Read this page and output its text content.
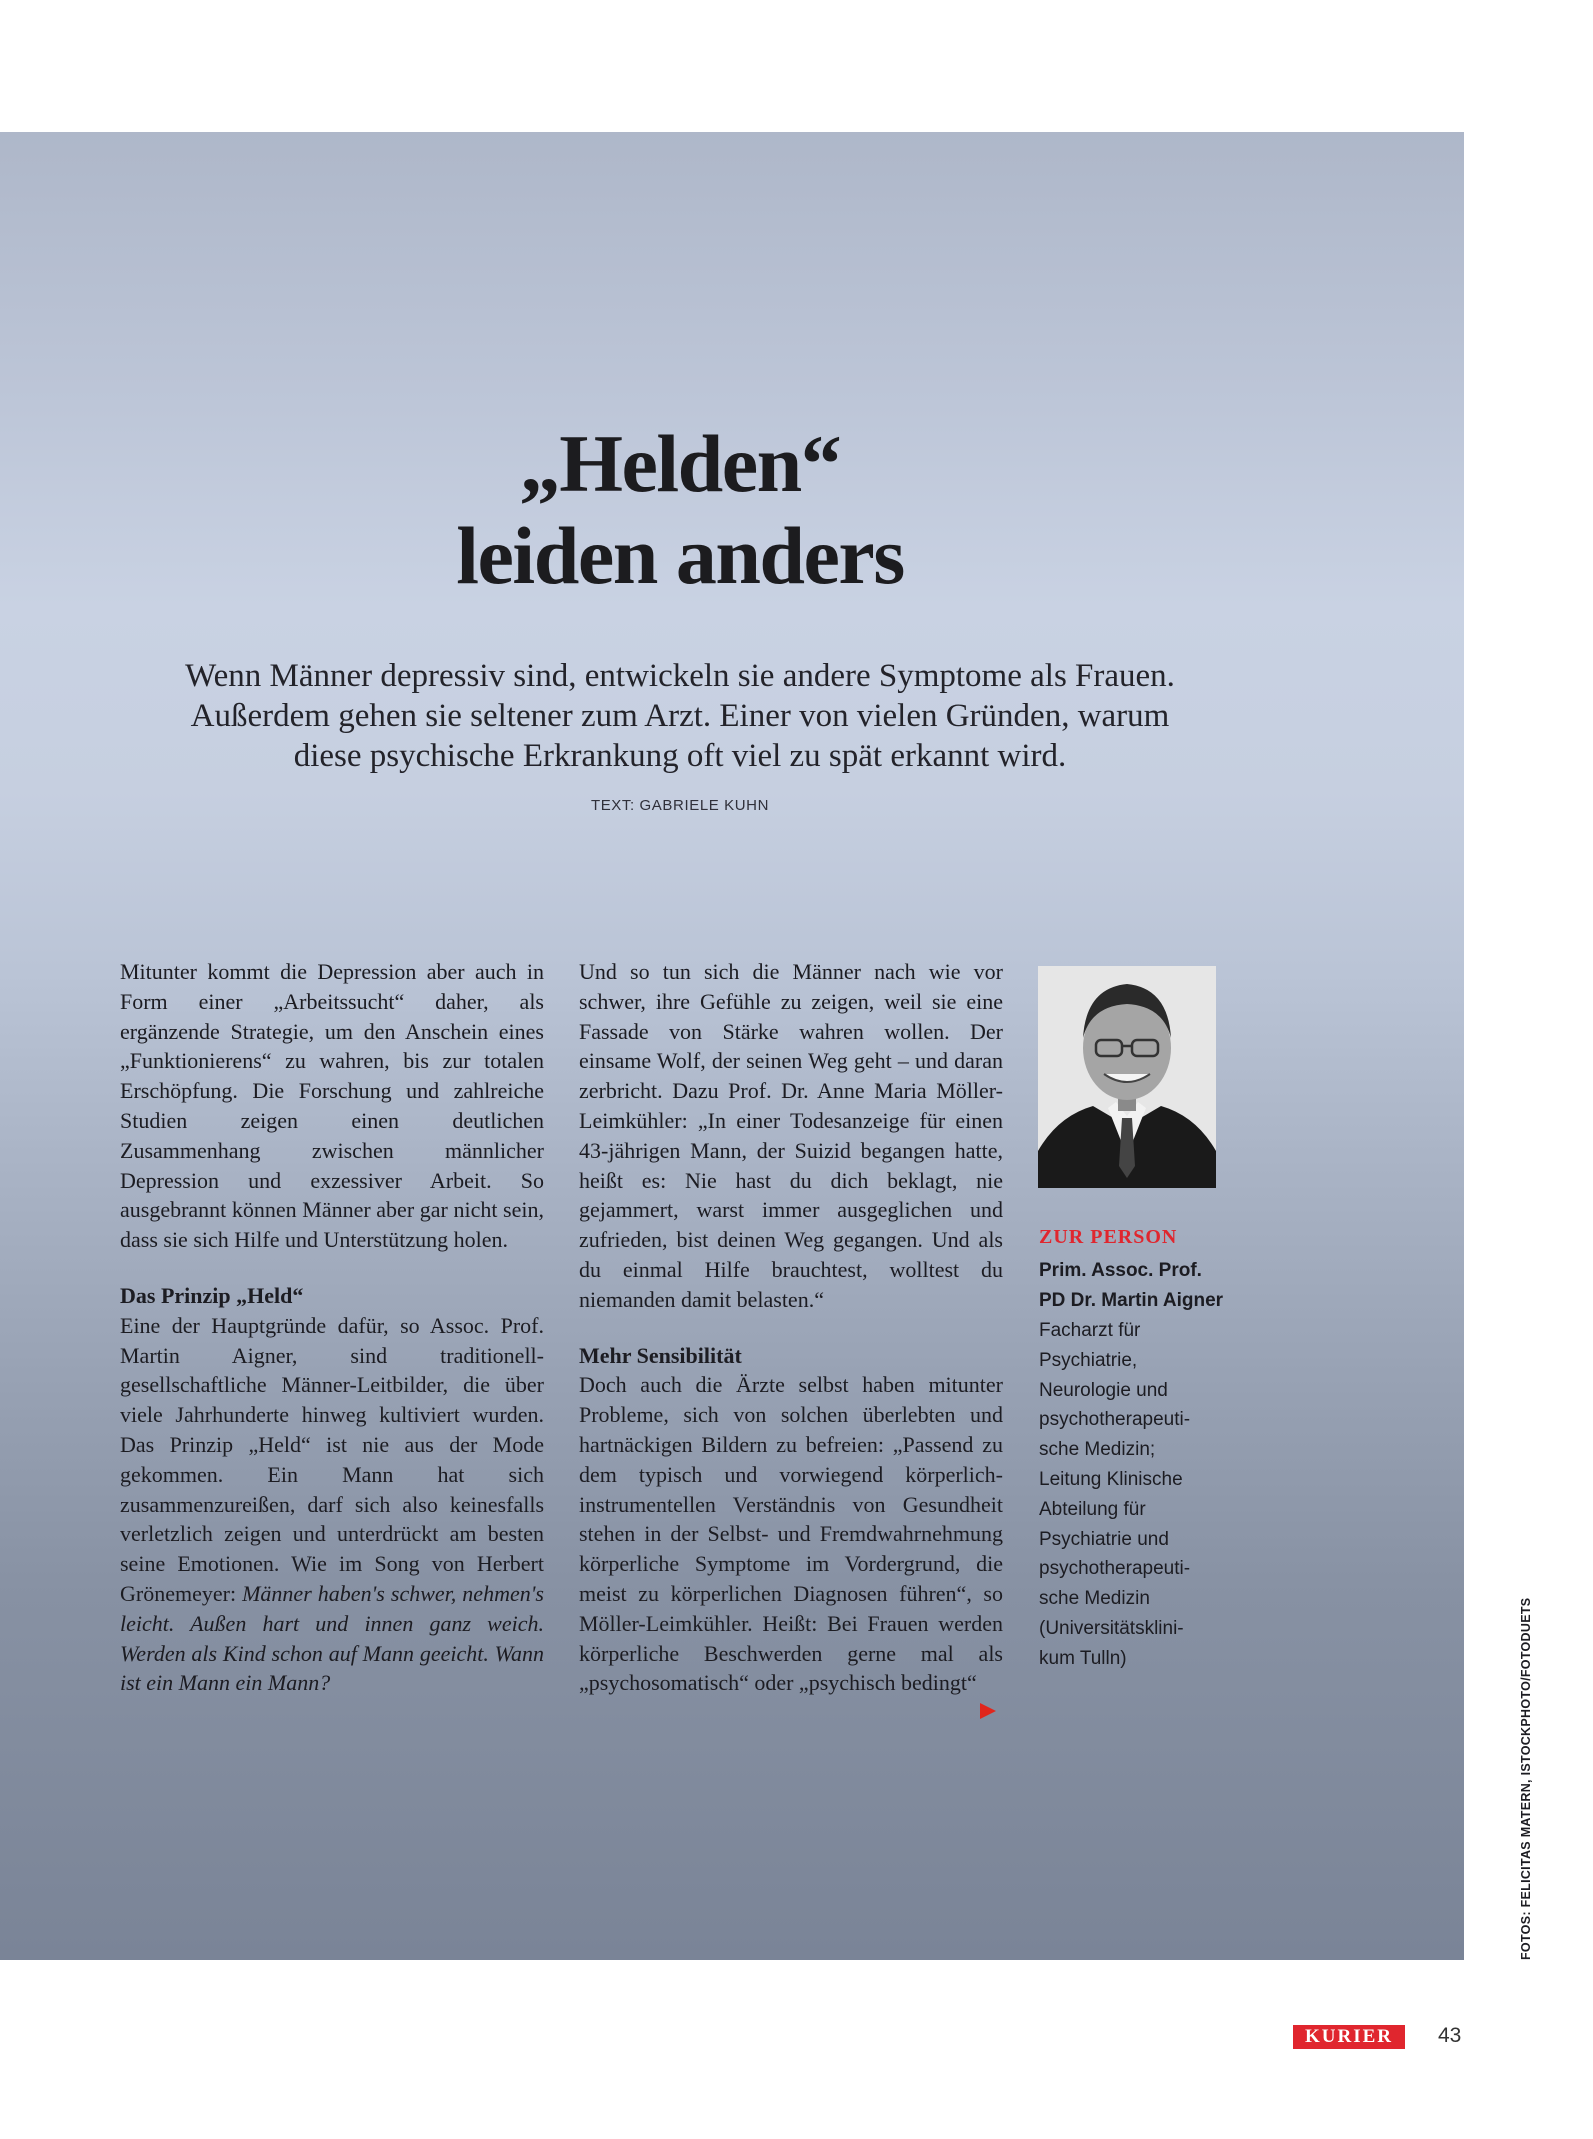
„Helden“
leiden anders

Wenn Männer depressiv sind, entwickeln sie andere Symptome als Frauen.
Außerdem gehen sie seltener zum Arzt. Einer von vielen Gründen, warum
diese psychische Erkrankung oft viel zu spät erkannt wird.

TEXT: GABRIELE KUHN

Mitunter kommt die Depression aber auch in Form einer „Arbeitssucht“ daher, als ergänzende Strategie, um den Anschein eines „Funktionierens“ zu wahren, bis zur totalen Erschöpfung. Die Forschung und zahlreiche Studien zeigen einen deutlichen Zusammenhang zwischen männlicher Depression und exzessiver Arbeit. So ausgebrannt können Männer aber gar nicht sein, dass sie sich Hilfe und Unterstützung holen.

Das Prinzip „Held“

Eine der Hauptgründe dafür, so Assoc. Prof. Martin Aigner, sind traditionell-gesellschaftliche Männer-Leitbilder, die über viele Jahrhunderte hinweg kultiviert wurden. Das Prinzip „Held“ ist nie aus der Mode gekommen. Ein Mann hat sich zusammenzureißen, darf sich also keinesfalls verletzlich zeigen und unterdrückt am besten seine Emotionen. Wie im Song von Herbert Grönemeyer: Männer haben's schwer, nehmen's leicht. Außen hart und innen ganz weich. Werden als Kind schon auf Mann geeicht. Wann ist ein Mann ein Mann?

Und so tun sich die Männer nach wie vor schwer, ihre Gefühle zu zeigen, weil sie eine Fassade von Stärke wahren wollen. Der einsame Wolf, der seinen Weg geht – und daran zerbricht. Dazu Prof. Dr. Anne Maria Möller-Leimkühler: „In einer Todesanzeige für einen 43-jährigen Mann, der Suizid begangen hatte, heißt es: Nie hast du dich beklagt, nie gejammert, warst immer ausgeglichen und zufrieden, bist deinen Weg gegangen. Und als du einmal Hilfe brauchtest, wolltest du niemanden damit belasten.“

Mehr Sensibilität

Doch auch die Ärzte selbst haben mitunter Probleme, sich von solchen überlebten und hartnäckigen Bildern zu befreien: „Passend zu dem typisch und vorwiegend körperlich-instrumentellen Verständnis von Gesundheit stehen in der Selbst- und Fremdwahrnehmung körperliche Symptome im Vordergrund, die meist zu körperlichen Diagnosen führen“, so Möller-Leimkühler. Heißt: Bei Frauen werden körperliche Beschwerden gerne mal als „psychosomatisch“ oder „psychisch bedingt“

ZUR PERSON
Prim. Assoc. Prof.
PD Dr. Martin Aigner
Facharzt für
Psychiatrie,
Neurologie und
psychotherapeuti-
sche Medizin;
Leitung Klinische
Abteilung für
Psychiatrie und
psychotherapeuti-
sche Medizin
(Universitätsklini-
kum Tulln)	FOTOS: FELICITAS MATERN, ISTOCKPHOTO/FOTODUETS
KURIER	43
